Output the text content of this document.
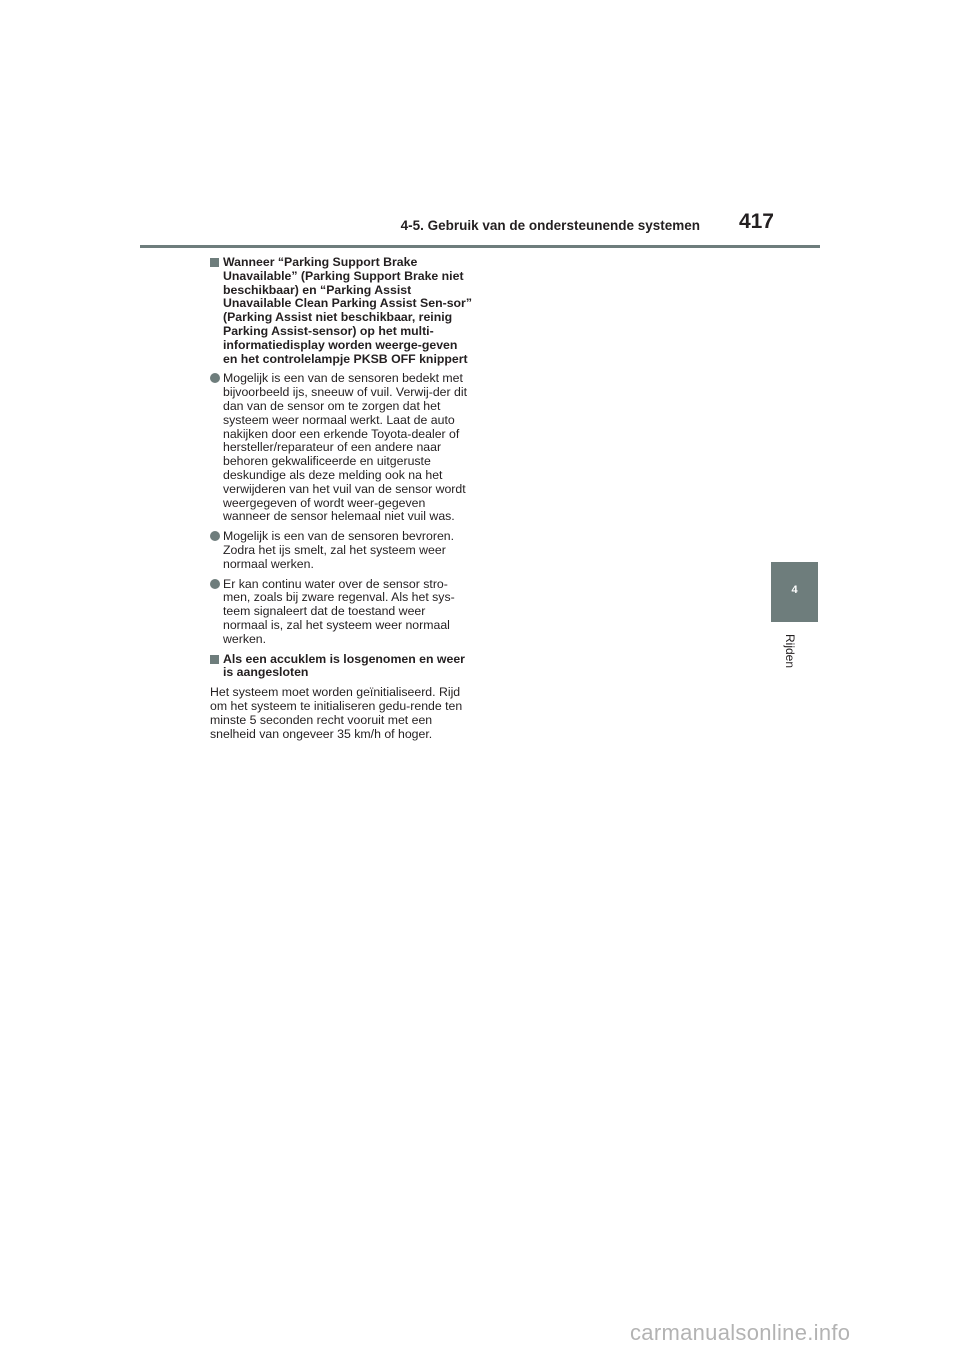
4-5. Gebruik van de ondersteunende systemen 417
Wanneer “Parking Support Brake Unavailable” (Parking Support Brake niet beschikbaar) en “Parking Assist Unavailable Clean Parking Assist Sen-sor” (Parking Assist niet beschikbaar, reinig Parking Assist-sensor) op het multi-informatiedisplay worden weerge-geven en het controlelampje PKSB OFF knippert
Mogelijk is een van de sensoren bedekt met bijvoorbeeld ijs, sneeuw of vuil. Verwij-der dit dan van de sensor om te zorgen dat het systeem weer normaal werkt. Laat de auto nakijken door een erkende Toyota-dealer of hersteller/reparateur of een andere naar behoren gekwalificeerde en uitgeruste deskundige als deze melding ook na het verwijderen van het vuil van de sensor wordt weergegeven of wordt weer-gegeven wanneer de sensor helemaal niet vuil was.
Mogelijk is een van de sensoren bevroren. Zodra het ijs smelt, zal het systeem weer normaal werken.
Er kan continu water over de sensor stro-men, zoals bij zware regenval. Als het sys-teem signaleert dat de toestand weer normaal is, zal het systeem weer normaal werken.
Als een accuklem is losgenomen en weer is aangesloten
Het systeem moet worden geïnitialiseerd. Rijd om het systeem te initialiseren gedu-rende ten minste 5 seconden recht vooruit met een snelheid van ongeveer 35 km/h of hoger.
4
Rijden
carmanualsonline.info
